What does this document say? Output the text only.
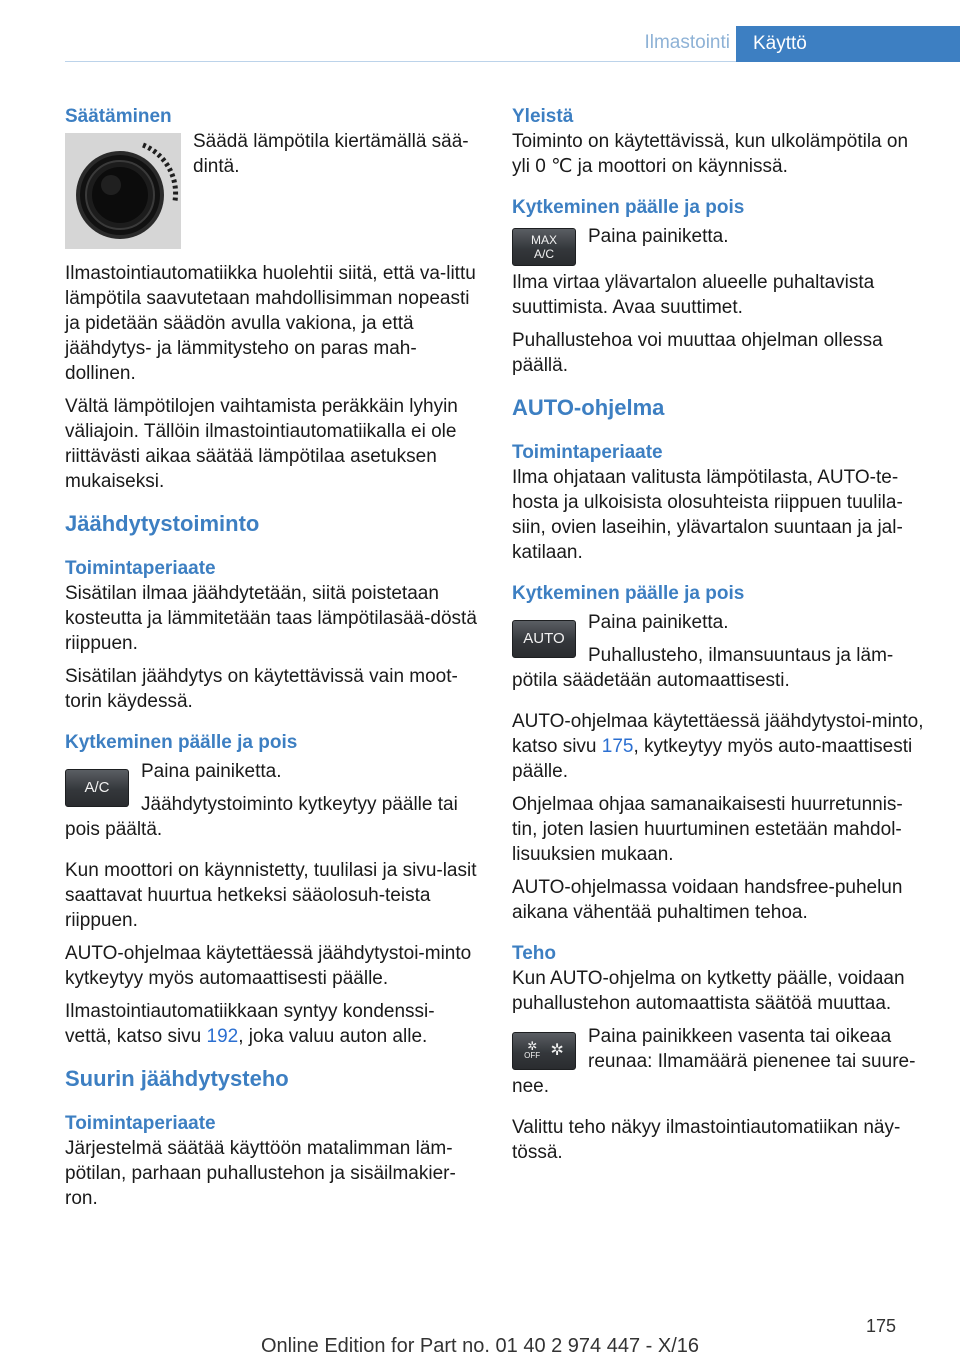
Ilmastointi	Käyttö

Säätäminen

Säädä lämpötila kiertämällä sää-dintä.

Ilmastointiautomatiikka huolehtii siitä, että va-littu lämpötila saavutetaan mahdollisimman nopeasti ja pidetään säädön avulla vakiona, ja että jäähdytys- ja lämmitysteho on paras mah-dollinen.

Vältä lämpötilojen vaihtamista peräkkäin lyhyin väliajoin. Tällöin ilmastointiautomatiikalla ei ole riittävästi aikaa säätää lämpötilaa asetuksen mukaiseksi.

Jäähdytystoiminto

Toimintaperiaate

Sisätilan ilmaa jäähdytetään, siitä poistetaan kosteutta ja lämmitetään taas lämpötilasää-döstä riippuen.

Sisätilan jäähdytys on käytettävissä vain moot-torin käydessä.

Kytkeminen päälle ja pois

A/C

Paina painiketta.

Jäähdytystoiminto kytkeytyy päälle tai pois päältä.

Kun moottori on käynnistetty, tuulilasi ja sivu-lasit saattavat huurtua hetkeksi sääolosuh-teista riippuen.

AUTO-ohjelmaa käytettäessä jäähdytystoi-minto kytkeytyy myös automaattisesti päälle.

Ilmastointiautomatiikkaan syntyy kondenssi-vettä, katso sivu 192, joka valuu auton alle.

Suurin jäähdytysteho

Toimintaperiaate

Järjestelmä säätää käyttöön matalimman läm-pötilan, parhaan puhallustehon ja sisäilmakier-ron.

Yleistä

Toiminto on käytettävissä, kun ulkolämpötila on yli 0 ℃ ja moottori on käynnissä.

Kytkeminen päälle ja pois

MAX
A/C

Paina painiketta.

Ilma virtaa ylävartalon alueelle puhaltavista suuttimista. Avaa suuttimet.

Puhallustehoa voi muuttaa ohjelman ollessa päällä.

AUTO-ohjelma

Toimintaperiaate

Ilma ohjataan valitusta lämpötilasta, AUTO-te-hosta ja ulkoisista olosuhteista riippuen tuulila-siin, ovien laseihin, ylävartalon suuntaan ja jal-katilaan.

Kytkeminen päälle ja pois

AUTO

Paina painiketta.

Puhallusteho, ilmansuuntaus ja läm-pötila säädetään automaattisesti.

AUTO-ohjelmaa käytettäessä jäähdytystoi-minto, katso sivu 175, kytkeytyy myös auto-maattisesti päälle.

Ohjelmaa ohjaa samanaikaisesti huurretunnis-tin, joten lasien huurtuminen estetään mahdol-lisuuksien mukaan.

AUTO-ohjelmassa voidaan handsfree-puhelun aikana vähentää puhaltimen tehoa.

Teho

Kun AUTO-ohjelma on kytketty päälle, voidaan puhallustehon automaattista säätöä muuttaa.

✲
OFF ✲

Paina painikkeen vasenta tai oikeaa reunaa: Ilmamäärä pienenee tai suure-nee.

Valittu teho näkyy ilmastointiautomatiikan näy-tössä.

175
Online Edition for Part no. 01 40 2 974 447 - X/16
